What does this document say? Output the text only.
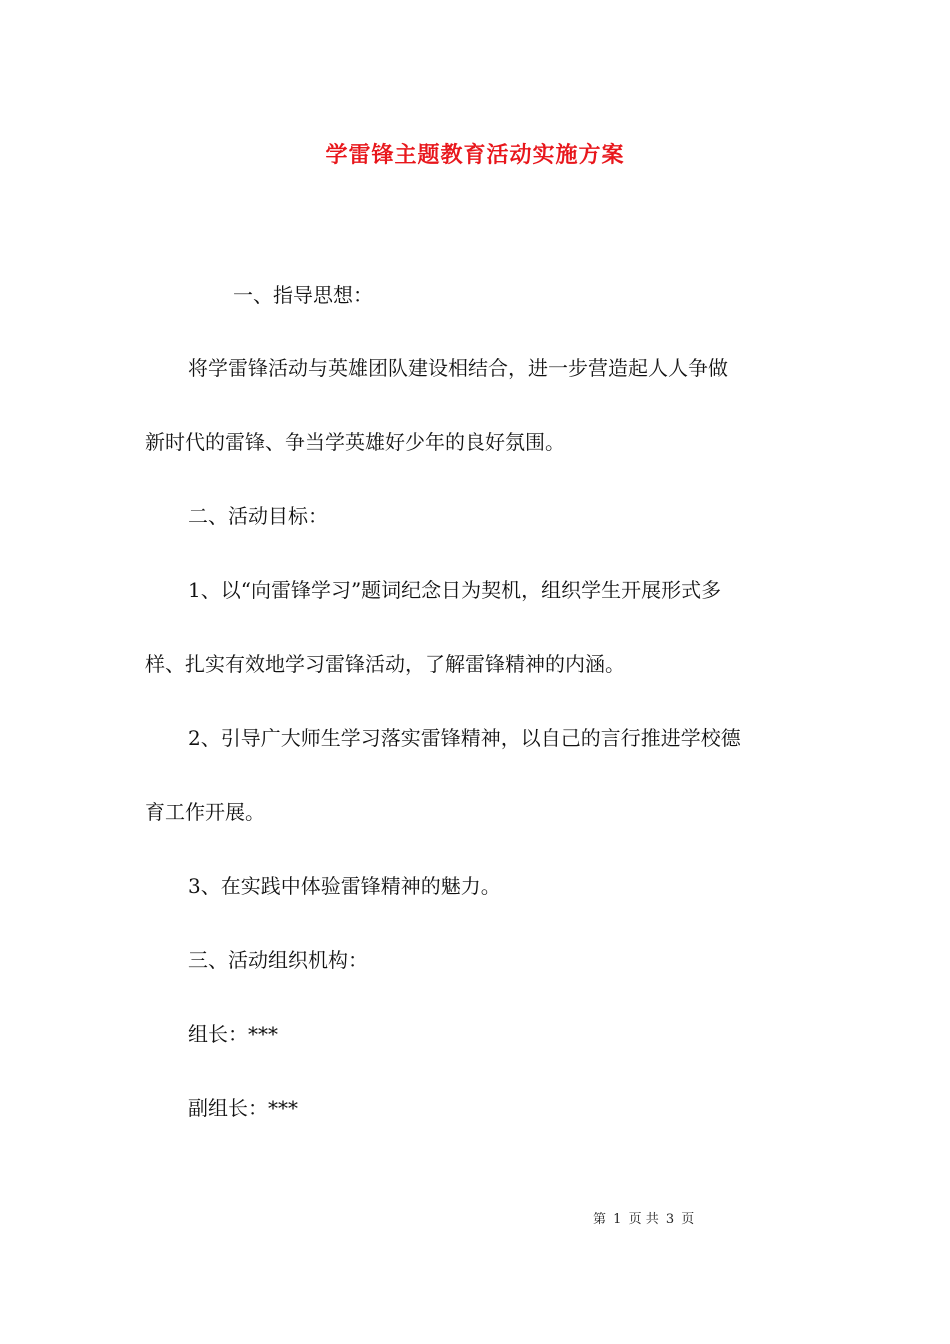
学雷锋主题教育活动实施方案
一、指导思想：
将学雷锋活动与英雄团队建设相结合，进一步营造起人人争做
新时代的雷锋、争当学英雄好少年的良好氛围。
二、活动目标：
1、以“向雷锋学习”题词纪念日为契机，组织学生开展形式多
样、扎实有效地学习雷锋活动，了解雷锋精神的内涵。
2、引导广大师生学习落实雷锋精神，以自己的言行推进学校德
育工作开展。
3、在实践中体验雷锋精神的魅力。
三、活动组织机构：
组长：***
副组长：***
第 1 页 共 3 页
